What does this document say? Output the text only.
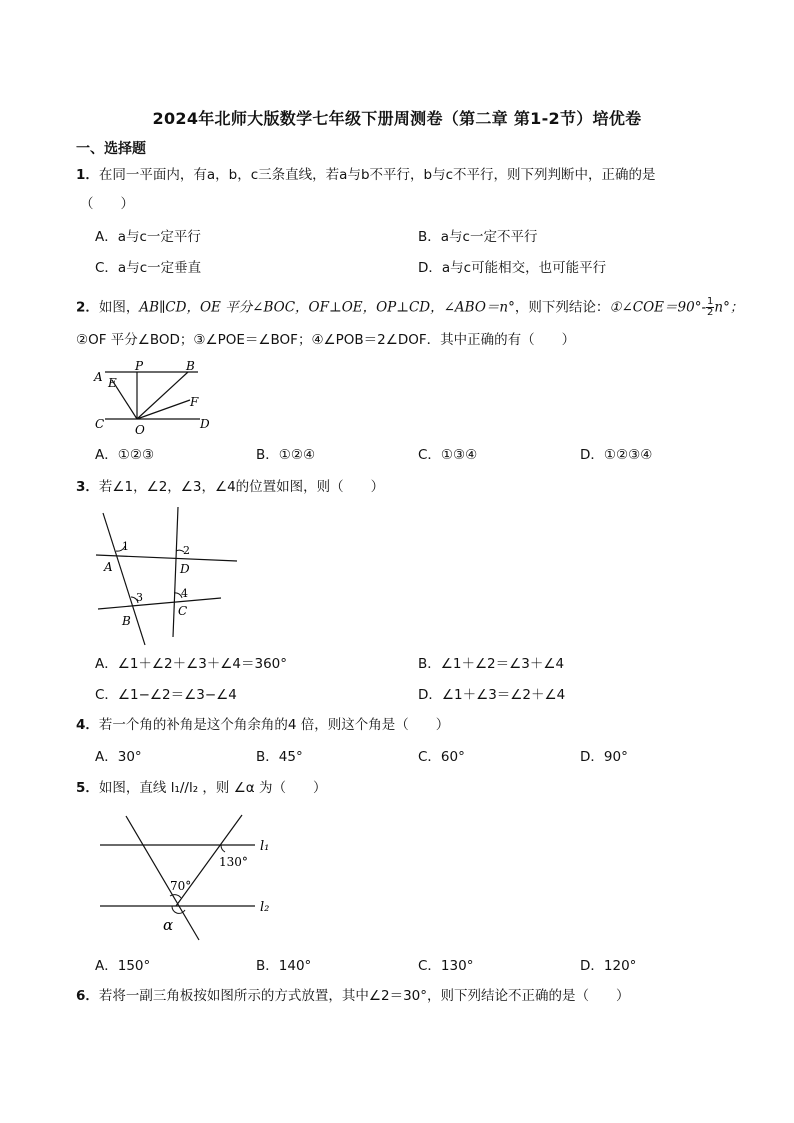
2024年北师大版数学七年级下册周测卷（第二章 第1-2节）培优卷
一、选择题
1．在同一平面内，有a，b，c三条直线，若a与b不平行，b与c不平行，则下列判断中，正确的是
（　　）
A．a与c一定平行	B．a与c一定不平行
C．a与c一定垂直	D．a与c可能相交，也可能平行
2．如图，AB∥CD，OE 平分∠BOC，OF⊥OE，OP⊥CD，∠ABO＝n°，则下列结论：①∠COE＝90°- $\frac{1}{2} n^\circ$；
②OF 平分∠BOD；③∠POE＝∠BOF；④∠POB＝2∠DOF．其中正确的有（　　）
A E
P	B
F
C	O	D
A．①②③	B．①②④	C．①③④	D．①②③④
3．若∠1，∠2，∠3，∠4的位置如图，则（　　）
1	2
3	4
A	D
B
C
A．∠1＋∠2＋∠3＋∠4＝360°	B．∠1＋∠2＝∠3＋∠4
C．∠1−∠2＝∠3−∠4	D．∠1＋∠3＝∠2＋∠4
4．若一个角的补角是这个角余角的4 倍，则这个角是（　　）
A．30°	B．45°	C．60°	D．90°
5．如图，直线 l₁//l₂ ，则 ∠α 为（　　）
l₁
l₂
130°
70°
α
A．150°	B．140°	C．130°	D．120°
6．若将一副三角板按如图所示的方式放置，其中∠2＝30°，则下列结论不正确的是（　　）
